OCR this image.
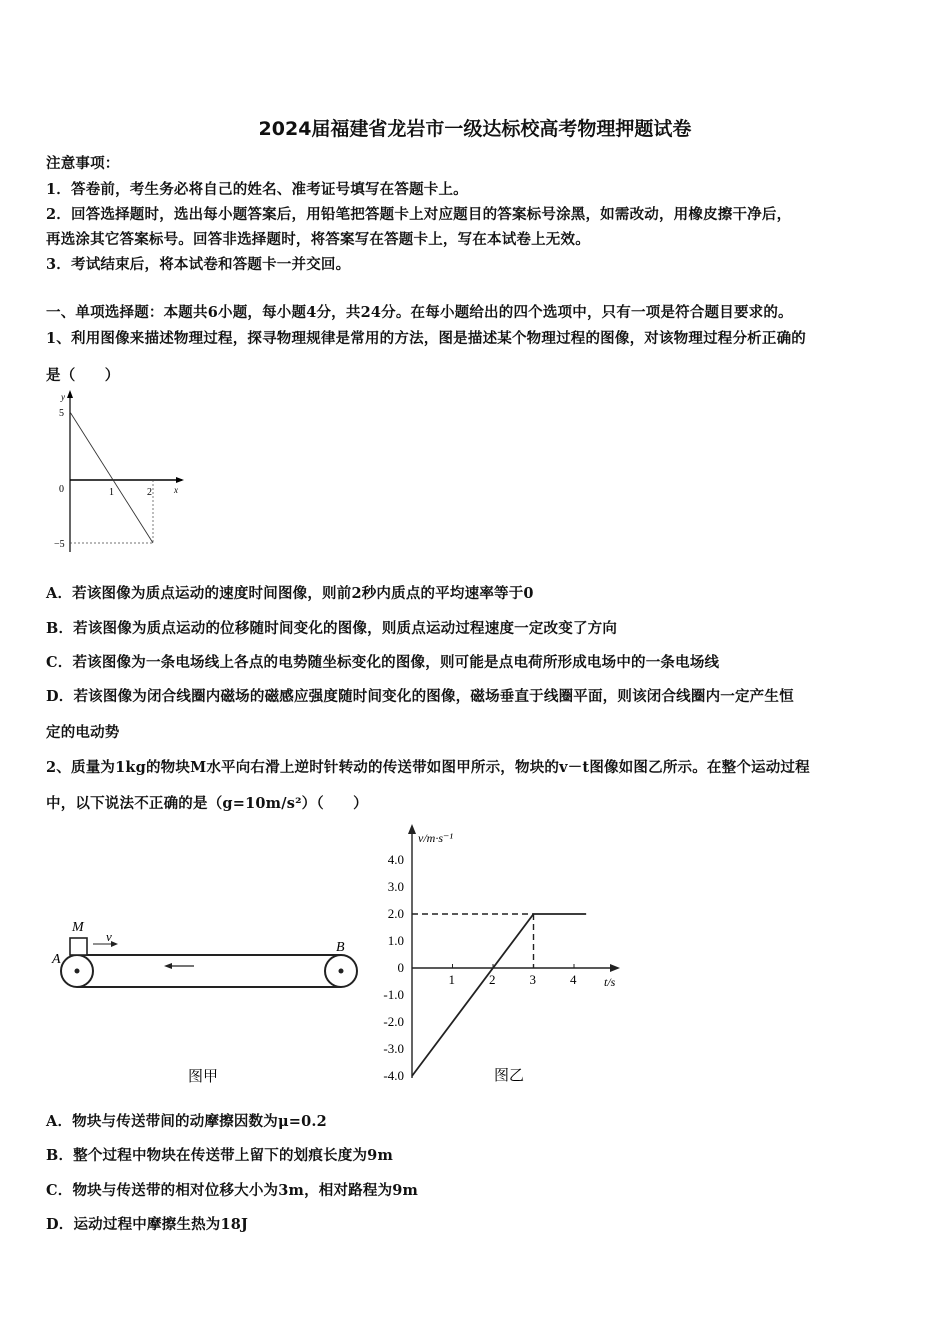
2024届福建省龙岩市一级达标校高考物理押题试卷
注意事项：
1．答卷前，考生务必将自己的姓名、准考证号填写在答题卡上。
2．回答选择题时，选出每小题答案后，用铅笔把答题卡上对应题目的答案标号涂黑，如需改动，用橡皮擦干净后，
再选涂其它答案标号。回答非选择题时，将答案写在答题卡上，写在本试卷上无效。
3．考试结束后，将本试卷和答题卡一并交回。
一、单项选择题：本题共6小题，每小题4分，共24分。在每小题给出的四个选项中，只有一项是符合题目要求的。
1、利用图像来描述物理过程，探寻物理规律是常用的方法，图是描述某个物理过程的图像，对该物理过程分析正确的
是（　　）
y
5
0	1	2 x
−5
A．若该图像为质点运动的速度时间图像，则前2秒内质点的平均速率等于0
B．若该图像为质点运动的位移随时间变化的图像，则质点运动过程速度一定改变了方向
C．若该图像为一条电场线上各点的电势随坐标变化的图像，则可能是点电荷所形成电场中的一条电场线
D．若该图像为闭合线圈内磁场的磁感应强度随时间变化的图像，磁场垂直于线圈平面，则该闭合线圈内一定产生恒
定的电动势
2、质量为1kg的物块M水平向右滑上逆时针转动的传送带如图甲所示，物块的v－t图像如图乙所示。在整个运动过程
中，以下说法不正确的是（g=10m/s²）（　　）
M
v
A
B
图甲
v/m·s⁻¹
t/s
4.0
3.0
2.0
1.0
0
-1.0
-2.0
-3.0
-4.0
1	2	3	4
图乙
A．物块与传送带间的动摩擦因数为μ=0.2
B．整个过程中物块在传送带上留下的划痕长度为9m
C．物块与传送带的相对位移大小为3m，相对路程为9m
D．运动过程中摩擦生热为18J
